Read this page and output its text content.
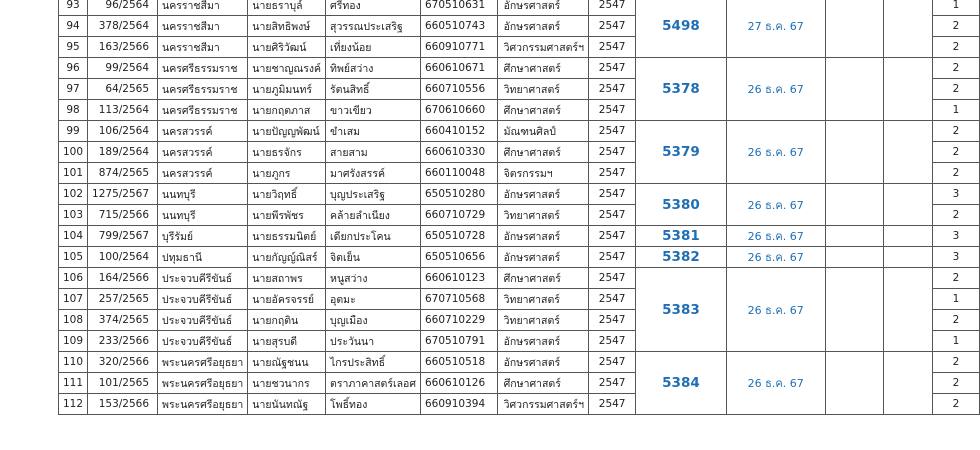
93	96/2564	นครราชสีมา	นายธราบุล์	ศรีทอง	670510631	อักษรศาสตร์	2547	5498	27 ธ.ค. 67			1
94	378/2564	นครราชสีมา	นายสิทธิพงษ์	สุวรรณประเสริฐ	660510743	อักษรศาสตร์	2547					2
95	163/2566	นครราชสีมา	นายศิริวัฒน์	เที่ยงน้อย	660910771	วิศวกรรมศาสตร์ฯ	2547					2
96	99/2564	นครศรีธรรมราช	นายชาญณรงค์	ทิพย์สว่าง	660610671	ศึกษาศาสตร์	2547	5378	26 ธ.ค. 67			2
97	64/2565	นครศรีธรรมราช	นายภูมิมนทร์	รัตนสิทธิ์	660710556	วิทยาศาสตร์	2547					2
98	113/2564	นครศรีธรรมราช	นายกฤตภาส	ขาวเขียว	670610660	ศึกษาศาสตร์	2547					1
99	106/2564	นครสวรรค์	นายปัญญพัฒน์	ขำเสม	660410152	มัณฑนศิลป์	2547	5379	26 ธ.ค. 67			2
100	189/2564	นครสวรรค์	นายธรจักร	สายสาม	660610330	ศึกษาศาสตร์	2547					2
101	874/2565	นครสวรรค์	นายภูกร	มาศรังสรรค์	660110048	จิตรกรรมฯ	2547					2
102	1275/2567	นนทบุรี	นายวิฤทธิ์	บุญประเสริฐ	650510280	อักษรศาสตร์	2547	5380	26 ธ.ค. 67			3
103	715/2566	นนทบุรี	นายพีรพัชร	คล้ายลำเนียง	660710729	วิทยาศาสตร์	2547					2
104	799/2567	บุรีรัมย์	นายธรรมนิตย์	เดียกประโคน	650510728	อักษรศาสตร์	2547	5381	26 ธ.ค. 67			3
105	100/2564	ปทุมธานี	นายกัญญ์ณิสร์	จิตเย็น	650510656	อักษรศาสตร์	2547	5382	26 ธ.ค. 67			3
106	164/2566	ประจวบคีรีขันธ์	นายสถาพร	หนูสว่าง	660610123	ศึกษาศาสตร์	2547	5383	26 ธ.ค. 67			2
107	257/2565	ประจวบคีรีขันธ์	นายอัครจรรย์	อุตมะ	670710568	วิทยาศาสตร์	2547					1
108	374/2565	ประจวบคีรีขันธ์	นายกฤติน	บุญเมือง	660710229	วิทยาศาสตร์	2547					2
109	233/2566	ประจวบคีรีขันธ์	นายสุรบดี	ประวันนา	670510791	อักษรศาสตร์	2547					1
110	320/2566	พระนครศรีอยุธยา	นายณัฐชนน	ไกรประสิทธิ์	660510518	อักษรศาสตร์	2547	5384	26 ธ.ค. 67			2
111	101/2565	พระนครศรีอยุธยา	นายชวนากร	ตราภาคาสตร์เลอศ	660610126	ศึกษาศาสตร์	2547					2
112	153/2566	พระนครศรีอยุธยา	นายนันทณัฐ	โพธิ์ทอง	660910394	วิศวกรรมศาสตร์ฯ	2547					2
